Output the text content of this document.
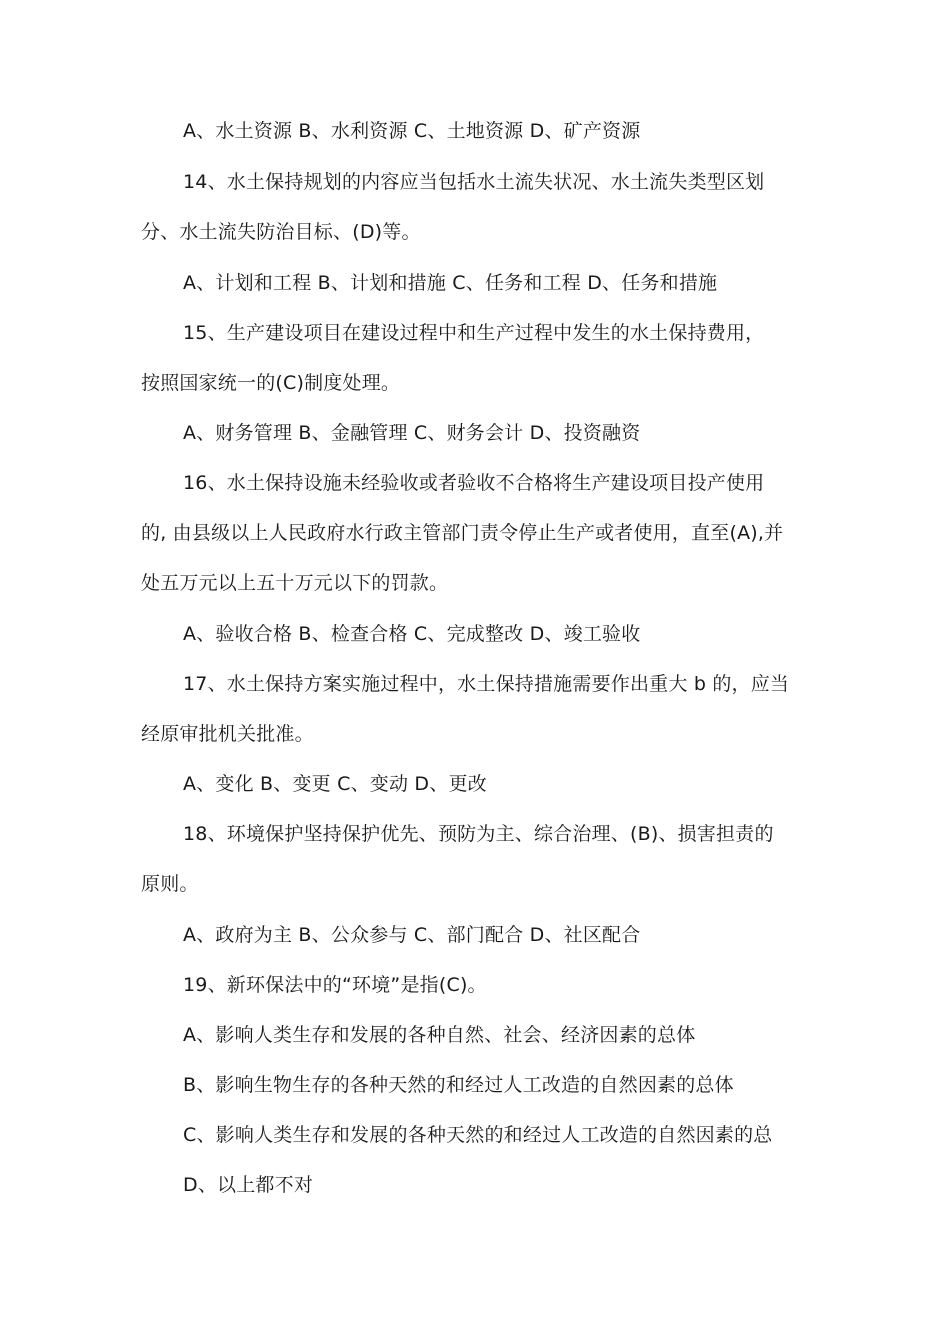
A、水土资源 B、水利资源 C、土地资源 D、矿产资源
14、水土保持规划的内容应当包括水土流失状况、水土流失类型区划
分、水土流失防治目标、(D)等。
A、计划和工程 B、计划和措施 C、任务和工程 D、任务和措施
15、生产建设项目在建设过程中和生产过程中发生的水土保持费用，
按照国家统一的(C)制度处理。
A、财务管理 B、金融管理 C、财务会计 D、投资融资
16、水土保持设施未经验收或者验收不合格将生产建设项目投产使用
的, 由县级以上人民政府水行政主管部门责令停止生产或者使用，直至(A),并
处五万元以上五十万元以下的罚款。
A、验收合格 B、检查合格 C、完成整改 D、竣工验收
17、水土保持方案实施过程中，水土保持措施需要作出重大 b 的，应当
经原审批机关批准。
A、变化 B、变更 C、变动 D、更改
18、环境保护坚持保护优先、预防为主、综合治理、(B)、损害担责的
原则。
A、政府为主 B、公众参与 C、部门配合 D、社区配合
19、新环保法中的“环境”是指(C)。
A、影响人类生存和发展的各种自然、社会、经济因素的总体
B、影响生物生存的各种天然的和经过人工改造的自然因素的总体
C、影响人类生存和发展的各种天然的和经过人工改造的自然因素的总
D、以上都不对
